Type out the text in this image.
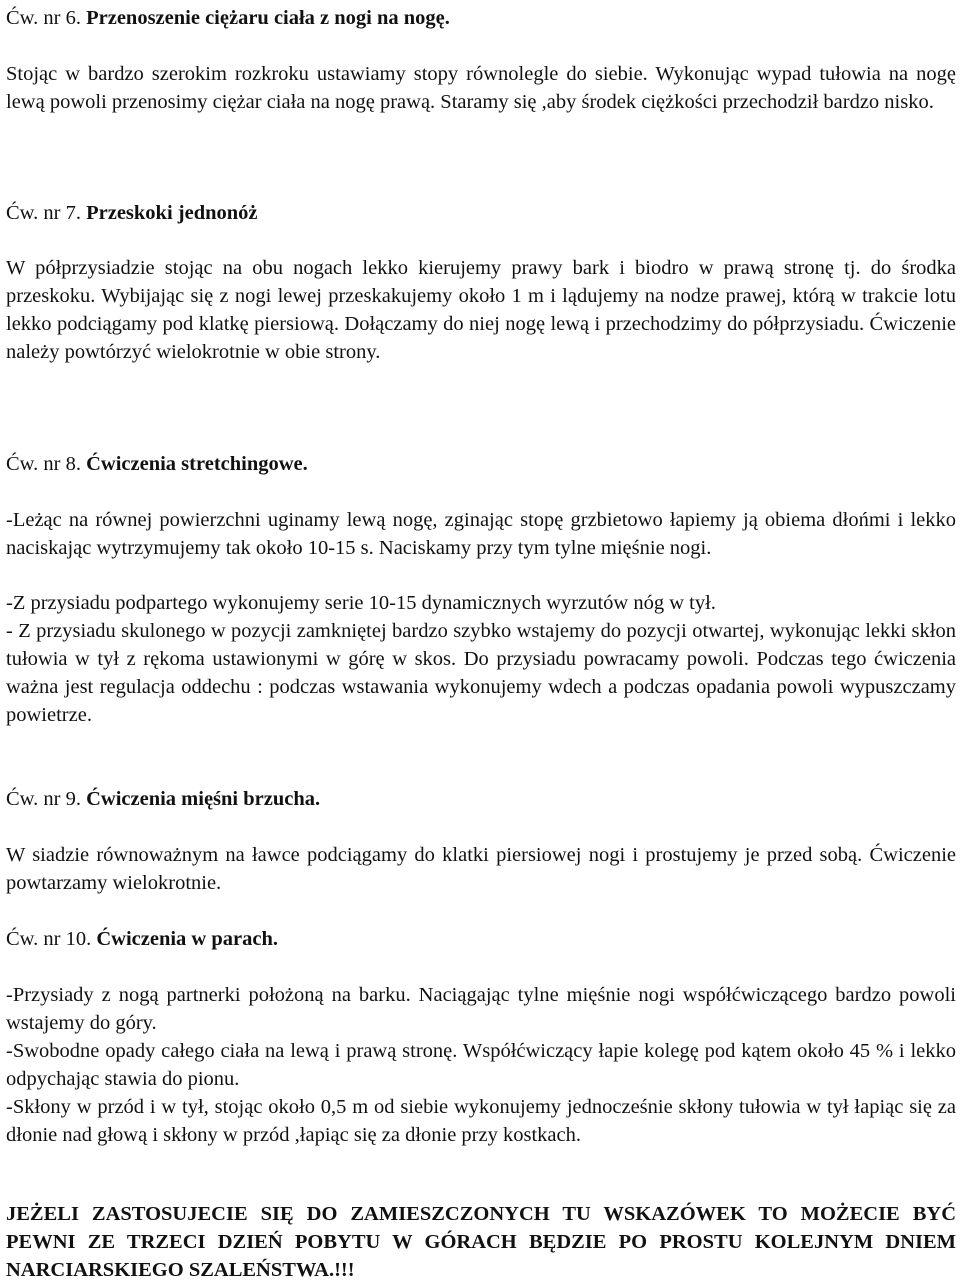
Ćw. nr 6. Przenoszenie ciężaru ciała z nogi na nogę.

Stojąc w bardzo szerokim rozkroku ustawiamy stopy równolegle do siebie. Wykonując wypad tułowia na nogę lewą powoli przenosimy ciężar ciała na nogę prawą. Staramy się ,aby środek ciężkości przechodził bardzo nisko.

Ćw. nr 7. Przeskoki jednonóż

W półprzysiadzie stojąc na obu nogach lekko kierujemy prawy bark i biodro w prawą stronę tj. do środka przeskoku. Wybijając się z nogi lewej przeskakujemy około 1 m i lądujemy na nodze prawej, którą w trakcie lotu lekko podciągamy pod klatkę piersiową. Dołączamy do niej nogę lewą i przechodzimy do półprzysiadu. Ćwiczenie należy powtórzyć wielokrotnie w obie strony.

Ćw. nr 8. Ćwiczenia stretchingowe.

-Leżąc na równej powierzchni uginamy lewą nogę, zginając stopę grzbietowo łapiemy ją obiema dłońmi i lekko naciskając wytrzymujemy tak około 10-15 s. Naciskamy przy tym tylne mięśnie nogi.

-Z przysiadu podpartego wykonujemy serie 10-15 dynamicznych wyrzutów nóg w tył.

- Z przysiadu skulonego w pozycji zamkniętej bardzo szybko wstajemy do pozycji otwartej, wykonując lekki skłon tułowia w tył z rękoma ustawionymi w górę w skos. Do przysiadu powracamy powoli. Podczas tego ćwiczenia ważna jest regulacja oddechu : podczas wstawania wykonujemy wdech a podczas opadania powoli wypuszczamy powietrze.

Ćw. nr 9. Ćwiczenia mięśni brzucha.

W siadzie równoważnym na ławce podciągamy do klatki piersiowej nogi i prostujemy je przed sobą. Ćwiczenie powtarzamy wielokrotnie.

Ćw. nr 10. Ćwiczenia w parach.

-Przysiady z nogą partnerki położoną na barku. Naciągając tylne mięśnie nogi współćwiczącego bardzo powoli wstajemy do góry.

-Swobodne opady całego ciała na lewą i prawą stronę. Współćwiczący łapie kolegę pod kątem około 45 % i lekko odpychając stawia do pionu.

-Skłony w przód i w tył, stojąc około 0,5 m od siebie wykonujemy jednocześnie skłony tułowia w tył łapiąc się za dłonie nad głową i skłony w przód ,łapiąc się za dłonie przy kostkach.

JEŻELI ZASTOSUJECIE SIĘ DO ZAMIESZCZONYCH TU WSKAZÓWEK TO MOŻECIE BYĆ PEWNI ZE TRZECI DZIEŃ POBYTU W GÓRACH BĘDZIE PO PROSTU KOLEJNYM DNIEM NARCIARSKIEGO SZALEŃSTWA.!!!
